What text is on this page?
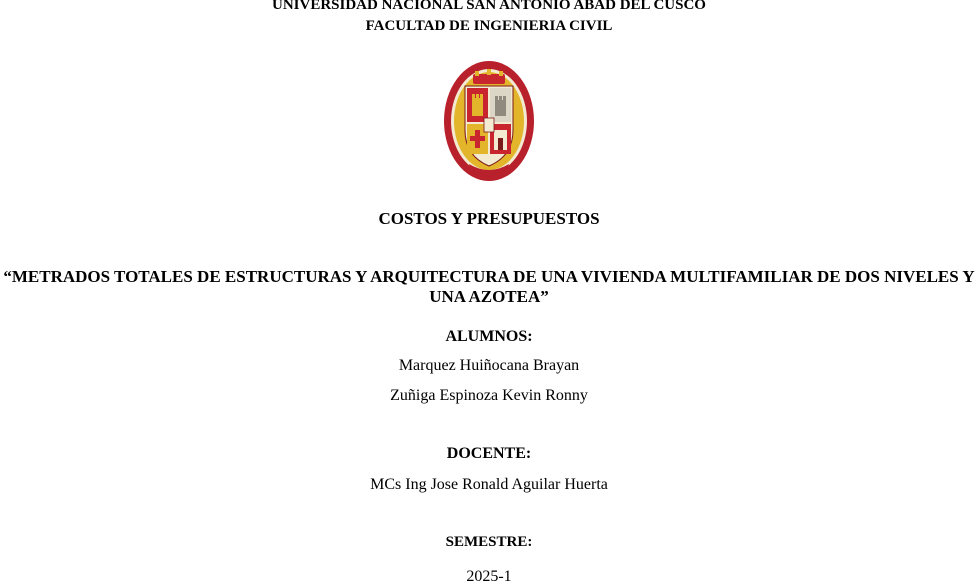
UNIVERSIDAD NACIONAL SAN ANTONIO ABAD DEL CUSCO
FACULTAD DE INGENIERIA CIVIL
COSTOS Y PRESUPUESTOS
“METRADOS TOTALES DE ESTRUCTURAS Y ARQUITECTURA DE UNA VIVIENDA MULTIFAMILIAR DE DOS NIVELES Y
UNA AZOTEA”
ALUMNOS:
Marquez Huiñocana Brayan
Zuñiga Espinoza Kevin Ronny
DOCENTE:
MCs Ing Jose Ronald Aguilar Huerta
SEMESTRE:
2025-1
